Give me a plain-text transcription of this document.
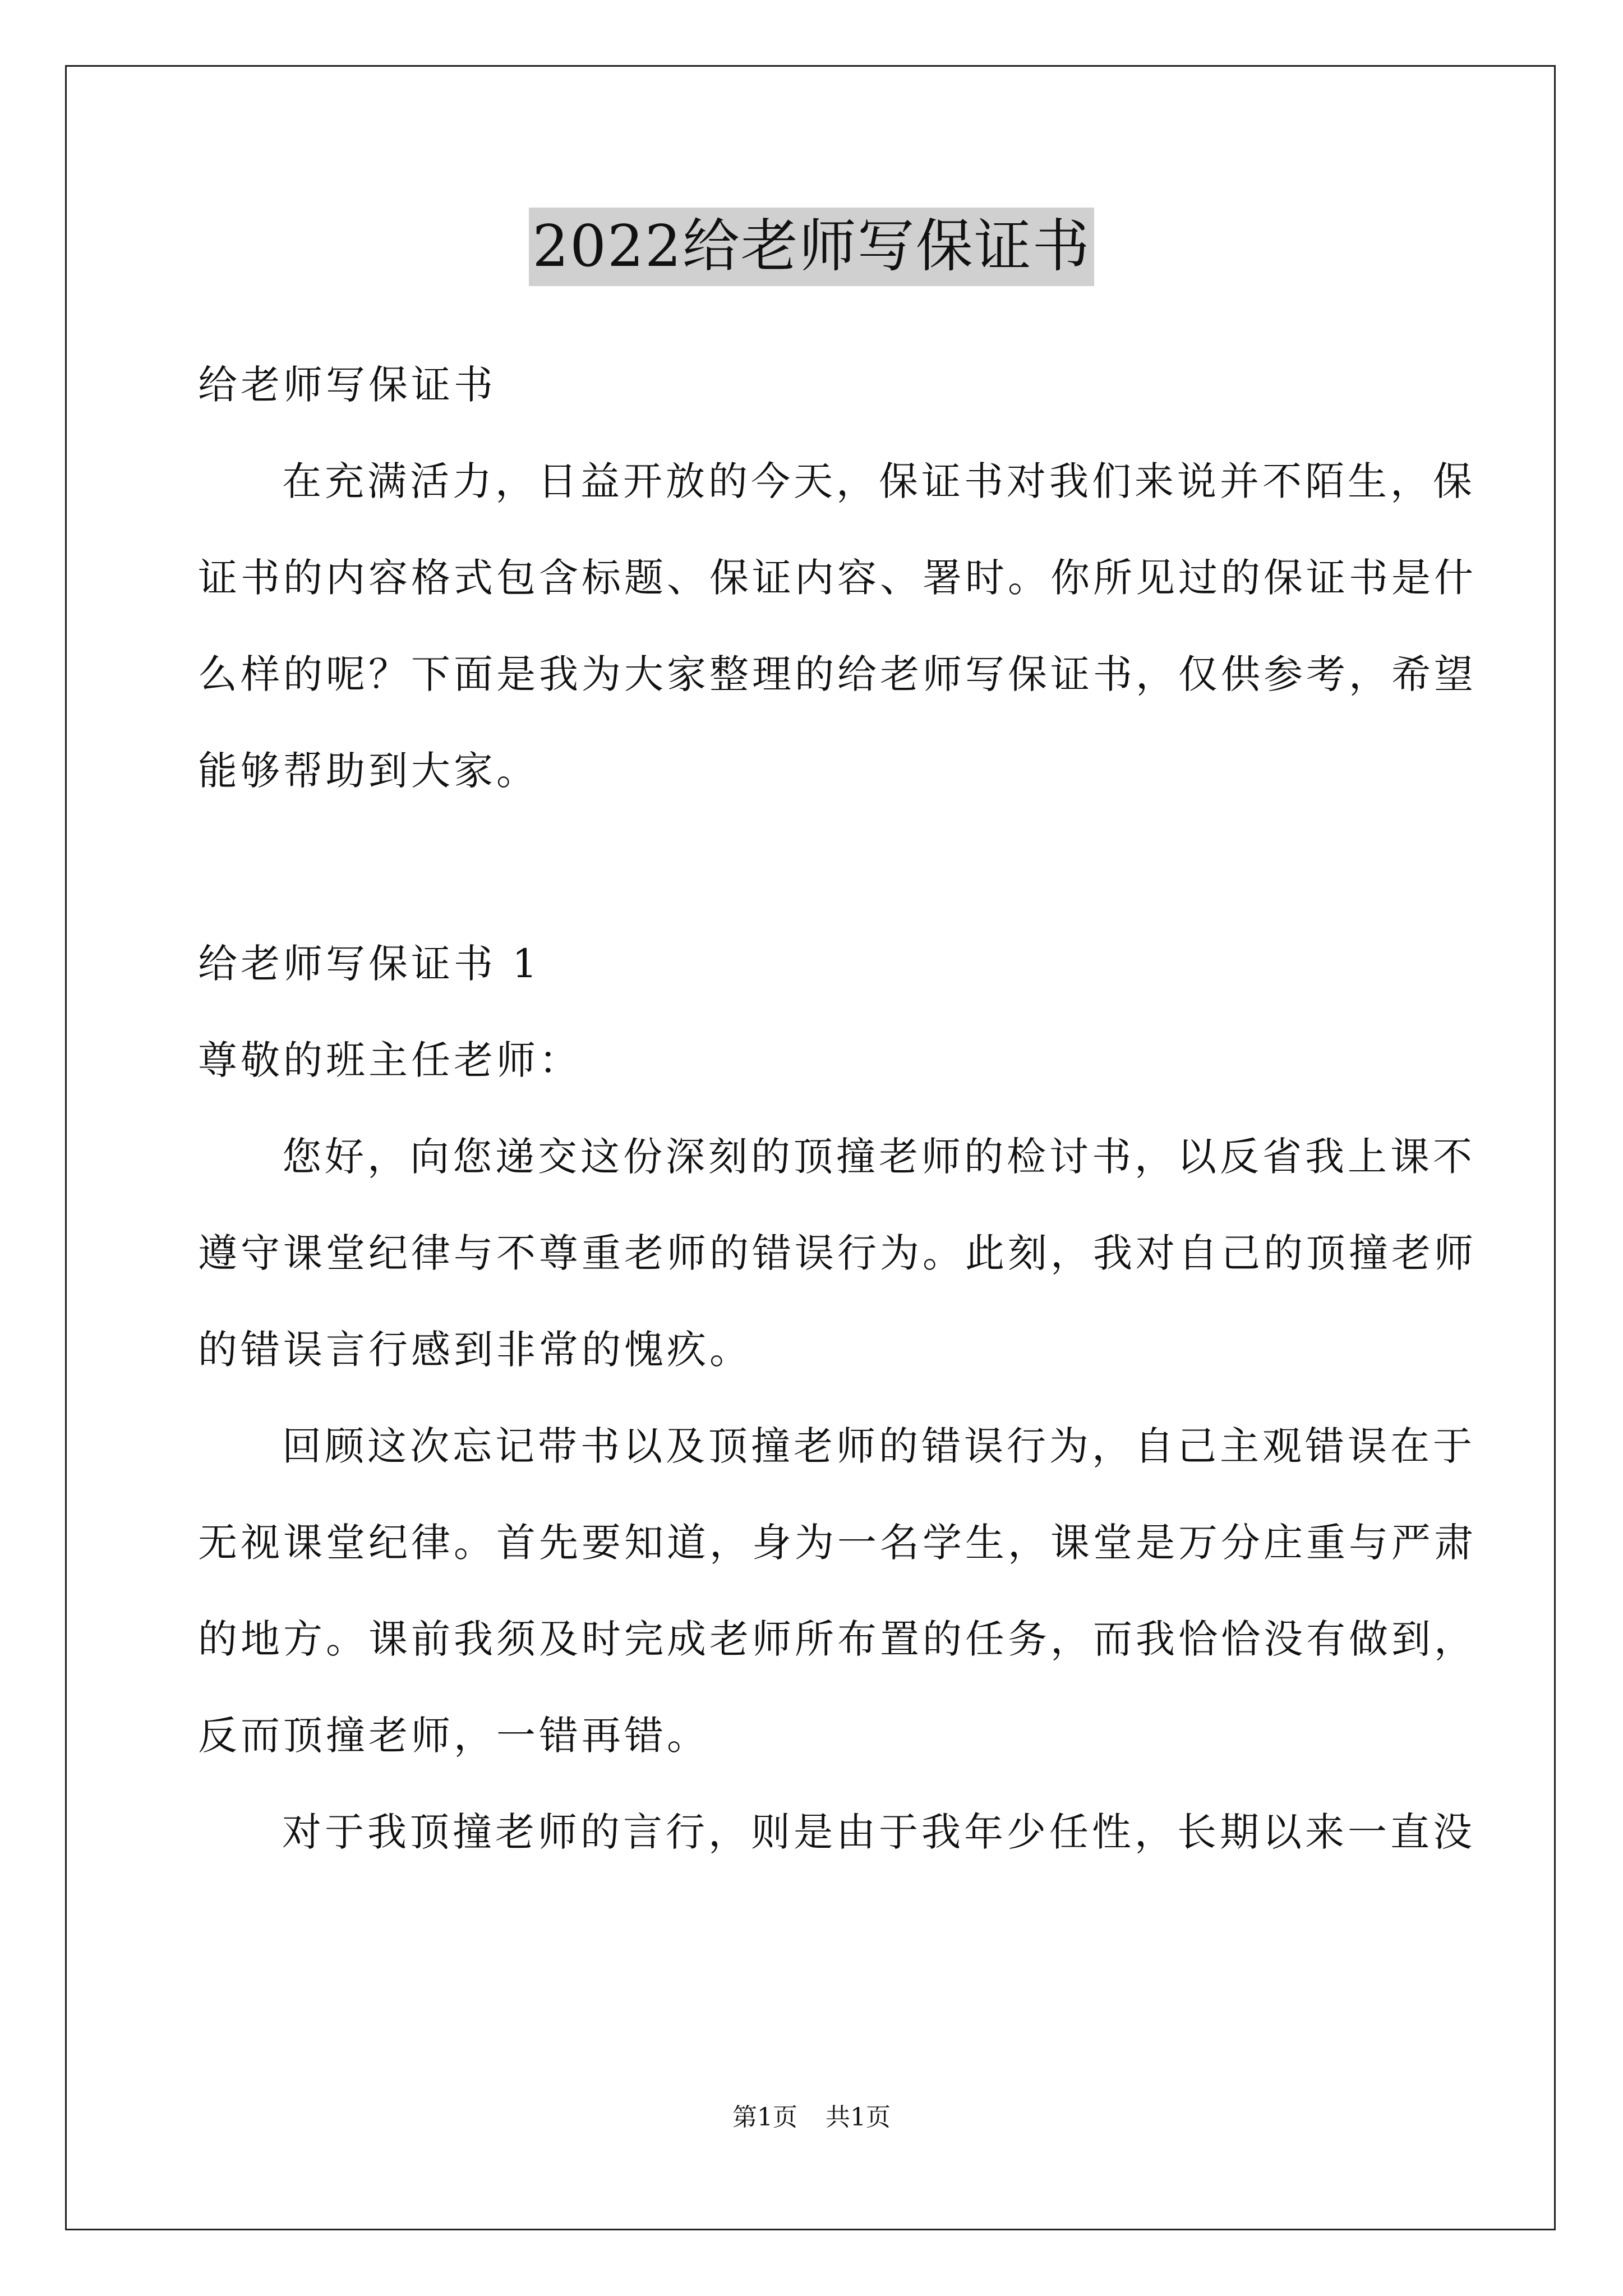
2022给老师写保证书
给老师写保证书
在充满活力，日益开放的今天，保证书对我们来说并不陌生，保
证书的内容格式包含标题、保证内容、署时。你所见过的保证书是什
么样的呢？下面是我为大家整理的给老师写保证书，仅供参考，希望
能够帮助到大家。
给老师写保证书 1
尊敬的班主任老师：
您好，向您递交这份深刻的顶撞老师的检讨书，以反省我上课不
遵守课堂纪律与不尊重老师的错误行为。此刻，我对自己的顶撞老师
的错误言行感到非常的愧疚。
回顾这次忘记带书以及顶撞老师的错误行为，自己主观错误在于
无视课堂纪律。首先要知道，身为一名学生，课堂是万分庄重与严肃
的地方。课前我须及时完成老师所布置的任务，而我恰恰没有做到，
反而顶撞老师，一错再错。
对于我顶撞老师的言行，则是由于我年少任性，长期以来一直没
第1页 共1页
